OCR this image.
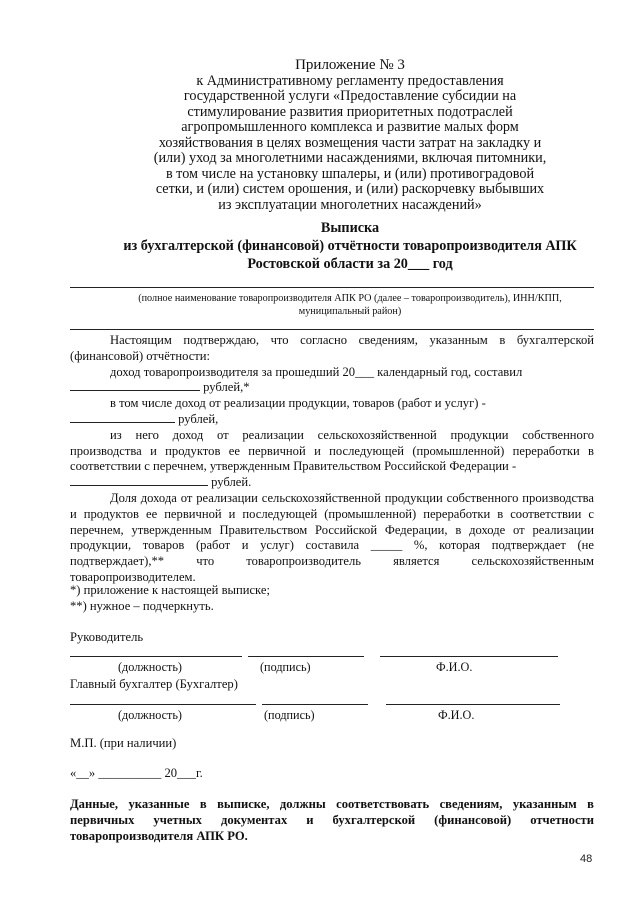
Приложение № 3
к Административному регламенту предоставления
государственной услуги «Предоставление субсидии на
стимулирование развития приоритетных подотраслей
агропромышленного комплекса и развитие малых форм
хозяйствования в целях возмещения части затрат на закладку и
(или) уход за многолетними насаждениями, включая питомники,
в том числе на установку шпалеры, и (или) противоградовой
сетки, и (или) систем орошения, и (или) раскорчевку выбывших
из эксплуатации многолетних насаждений»
Выписка
из бухгалтерской (финансовой) отчётности товаропроизводителя АПК
Ростовской области за 20___ год
(полное наименование товаропроизводителя АПК РО (далее – товаропроизводитель), ИНН/КПП,
муниципальный район)

Настоящим подтверждаю, что согласно сведениям, указанным в бухгалтерской (финансовой) отчётности:

доход товаропроизводителя за прошедший 20___ календарный год, составил

рублей,*

в том числе доход от реализации продукции, товаров (работ и услуг) -

рублей,

из него доход от реализации сельскохозяйственной продукции собственного производства и продуктов ее первичной и последующей (промышленной) переработки в соответствии с перечнем, утвержденным Правительством Российской Федерации -

рублей.

Доля дохода от реализации сельскохозяйственной продукции собственного производства и продуктов ее первичной и последующей (промышленной) переработки в соответствии с перечнем, утвержденным Правительством Российской Федерации, в доходе от реализации продукции, товаров (работ и услуг) составила _____ %, которая подтверждает (не подтверждает),** что товаропроизводитель является сельскохозяйственным товаропроизводителем.

*) приложение к настоящей выписке;

**) нужное – подчеркнуть.

Руководитель
(должность)	(подпись)	Ф.И.О.
Главный бухгалтер (Бухгалтер)
(должность)	(подпись)	Ф.И.О.
М.П. (при наличии)
«__» __________ 20___г.
Данные, указанные в выписке, должны соответствовать сведениям, указанным в первичных учетных документах и бухгалтерской (финансовой) отчетности товаропроизводителя АПК РО.
48
